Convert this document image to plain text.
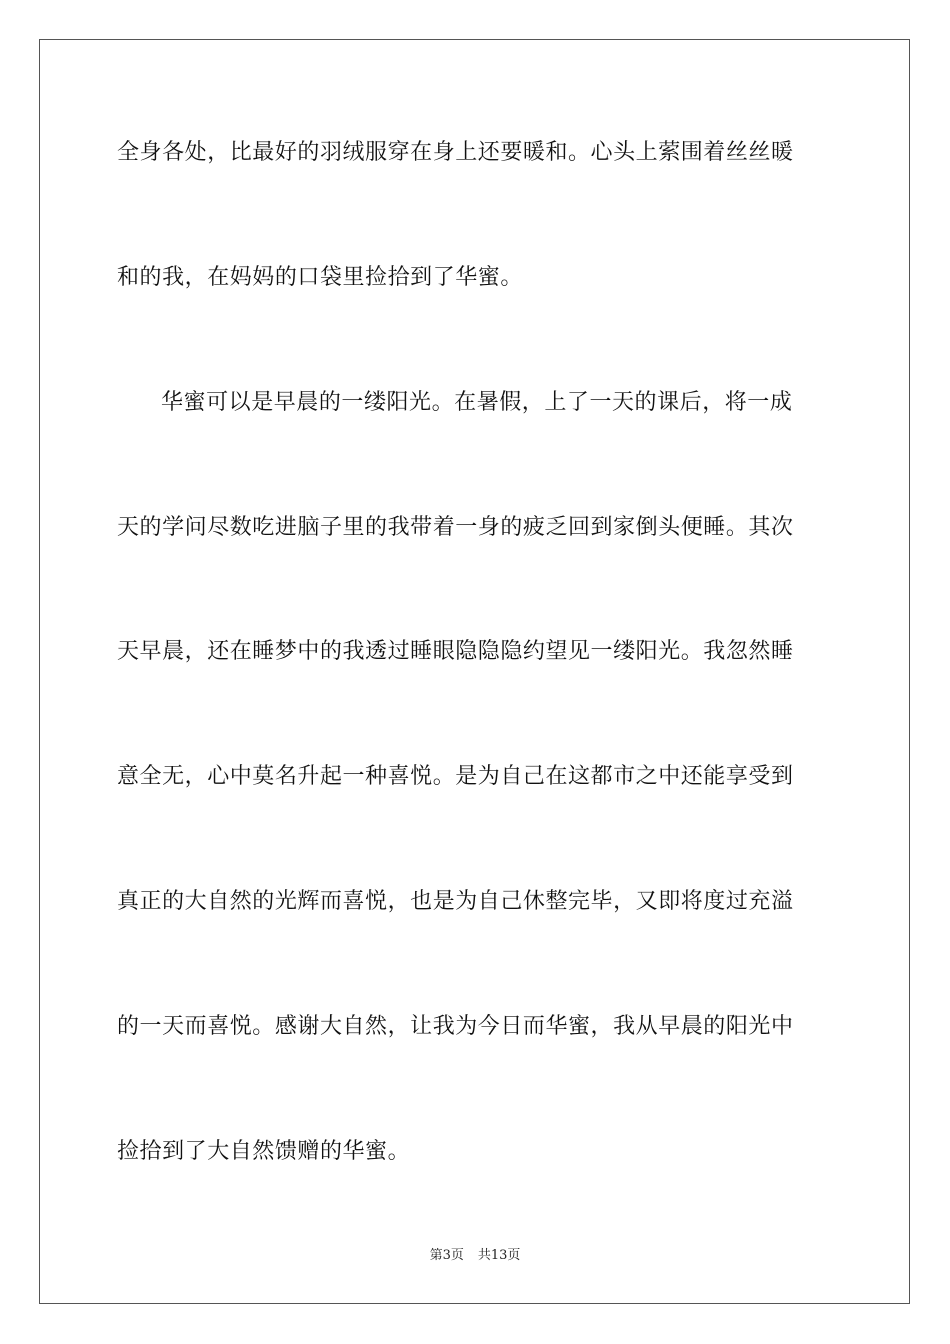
全身各处，比最好的羽绒服穿在身上还要暖和。心头上萦围着丝丝暖
和的我，在妈妈的口袋里捡拾到了华蜜。
华蜜可以是早晨的一缕阳光。在暑假，上了一天的课后，将一成
天的学问尽数吃进脑子里的我带着一身的疲乏回到家倒头便睡。其次
天早晨，还在睡梦中的我透过睡眼隐隐隐约望见一缕阳光。我忽然睡
意全无，心中莫名升起一种喜悦。是为自己在这都市之中还能享受到
真正的大自然的光辉而喜悦，也是为自己休整完毕，又即将度过充溢
的一天而喜悦。感谢大自然，让我为今日而华蜜，我从早晨的阳光中
捡拾到了大自然馈赠的华蜜。
第3页 共13页
